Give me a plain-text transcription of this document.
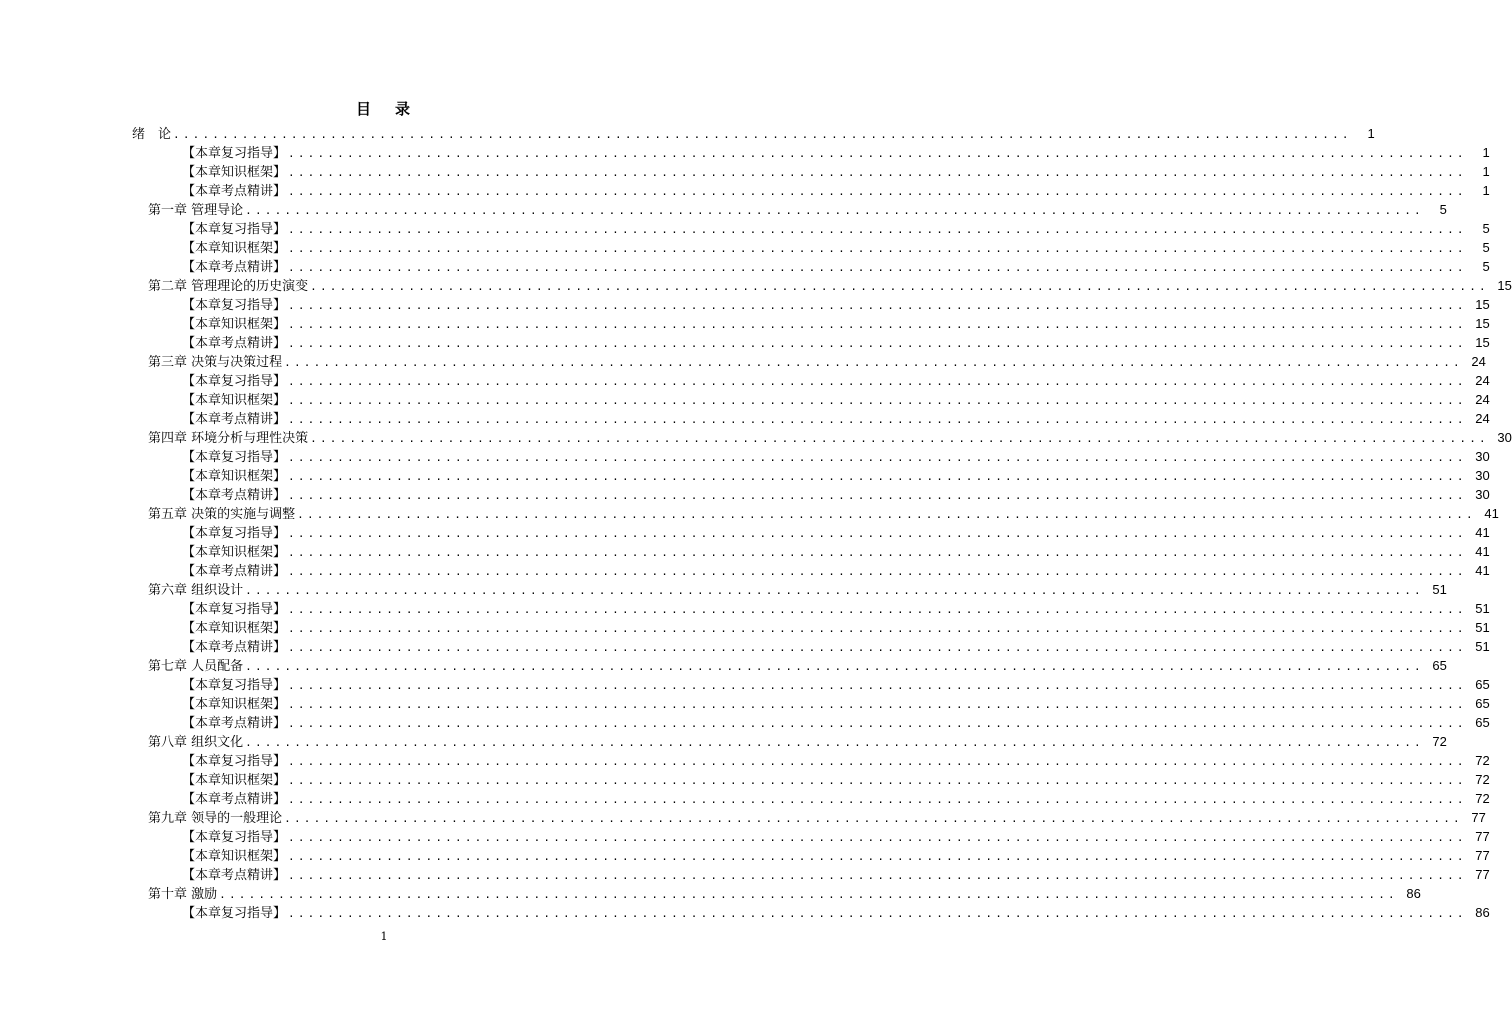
目 录
绪　论 ........................................................................................................................	1
【本章复习指导】 ........................................................................................................................	1
【本章知识框架】 ........................................................................................................................	1
【本章考点精讲】 ........................................................................................................................	1
第一章 管理导论 ........................................................................................................................	5
【本章复习指导】 ........................................................................................................................	5
【本章知识框架】 ........................................................................................................................	5
【本章考点精讲】 ........................................................................................................................	5
第二章 管理理论的历史演变 ........................................................................................................................ 15
【本章复习指导】 ........................................................................................................................ 15
【本章知识框架】 ........................................................................................................................ 15
【本章考点精讲】 ........................................................................................................................ 15
第三章 决策与决策过程 ........................................................................................................................ 24
【本章复习指导】 ........................................................................................................................ 24
【本章知识框架】 ........................................................................................................................ 24
【本章考点精讲】 ........................................................................................................................ 24
第四章 环境分析与理性决策 ........................................................................................................................ 30
【本章复习指导】 ........................................................................................................................ 30
【本章知识框架】 ........................................................................................................................ 30
【本章考点精讲】 ........................................................................................................................ 30
第五章 决策的实施与调整 ........................................................................................................................ 41
【本章复习指导】 ........................................................................................................................ 41
【本章知识框架】 ........................................................................................................................ 41
【本章考点精讲】 ........................................................................................................................ 41
第六章 组织设计 ........................................................................................................................ 51
【本章复习指导】 ........................................................................................................................ 51
【本章知识框架】 ........................................................................................................................ 51
【本章考点精讲】 ........................................................................................................................ 51
第七章 人员配备 ........................................................................................................................ 65
【本章复习指导】 ........................................................................................................................ 65
【本章知识框架】 ........................................................................................................................ 65
【本章考点精讲】 ........................................................................................................................ 65
第八章 组织文化 ........................................................................................................................ 72
【本章复习指导】 ........................................................................................................................ 72
【本章知识框架】 ........................................................................................................................ 72
【本章考点精讲】 ........................................................................................................................ 72
第九章 领导的一般理论 ........................................................................................................................ 77
【本章复习指导】 ........................................................................................................................ 77
【本章知识框架】 ........................................................................................................................ 77
【本章考点精讲】 ........................................................................................................................ 77
第十章 激励 ........................................................................................................................ 86
【本章复习指导】 ........................................................................................................................ 86
1
